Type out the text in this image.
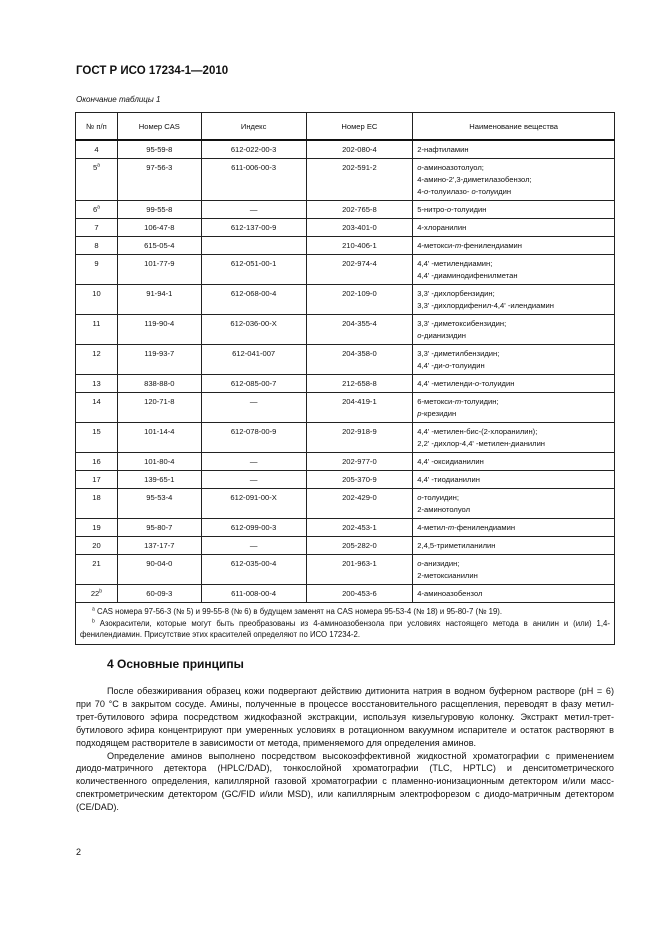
ГОСТ Р ИСО 17234-1—2010
Окончание таблицы 1
№ п/п	Номер CAS	Индекс	Номер ЕС	Наименование вещества
4	95-59-8	612-022-00-3	202-080-4	2-нафтиламин

5$^a$	97-56-3	611-006-00-3	202-591-2	о-аминоазотолуол;
4-амино-2',3-диметилазобензол;
4-о-толуилазо- о-толуидин

6$^a$	99-55-8	—	202-765-8	5-нитро-о-толуидин

7	106-47-8	612-137-00-9	203-401-0	4-хлоранилин

8	615-05-4		210-406-1	4-метокси-m-фенилендиамин

9	101-77-9	612-051-00-1	202-974-4	4,4' -метилендиамин;
4,4' -диаминодифенилметан

10	91-94-1	612-068-00-4	202-109-0	3,3' -дихлорбензидин;
3,3' -дихлордифенил-4,4' -илендиамин

11	119-90-4	612-036-00-X	204-355-4	3,3' -диметоксибензидин;
о-дианизидин

12	119-93-7	612-041-007	204-358-0	3,3' -диметилбензидин;
4,4' -ди-о-толуидин

13	838-88-0	612-085-00-7	212-658-8	4,4' -метиленди-о-толуидин

14	120-71-8	—	204-419-1	6-метокси-m-толуидин;
p-крезидин

15	101-14-4	612-078-00-9	202-918-9	4,4' -метилен-бис-(2-хлоранилин);
2,2' -дихлор-4,4' -метилен-дианилин

16	101-80-4	—	202-977-0	4,4' -оксидианилин

17	139-65-1	—	205-370-9	4,4' -тиодианилин

18	95-53-4	612-091-00-X	202-429-0	о-толуидин;
2-аминотолуол

19	95-80-7	612-099-00-3	202-453-1	4-метил-m-фенилендиамин

20	137-17-7	—	205-282-0	2,4,5-триметиланилин

21	90-04-0	612-035-00-4	201-963-1	о-анизидин;
2-метоксианилин

22$^b$	60-09-3	611-008-00-4	200-453-6	4-аминоазобензол

$^a$ CAS номера 97-56-3 (№ 5) и 99-55-8 (№ 6) в будущем заменят на CAS номера 95-53-4 (№ 18) и 95-80-7 (№ 19).
$^b$ Азокрасители, которые могут быть преобразованы из 4-аминоазобензола при условиях настоящего метода в анилин и (или) 1,4-фенилендиамин. Присутствие этих красителей определяют по ИСО 17234-2.				
4 Основные принципы

После обезжиривания образец кожи подвергают действию дитионита натрия в водном буферном растворе (pH = 6) при 70 °C в закрытом сосуде. Амины, полученные в процессе восстановительного расщепления, переводят в фазу метил-трет-бутилового эфира посредством жидкофазной экстракции, используя кизельгуровую колонку. Экстракт метил-трет-бутилового эфира концентрируют при умеренных условиях в ротационном вакуумном испарителе и остаток растворяют в подходящем растворителе в зависимости от метода, применяемого для определения аминов.

Определение аминов выполнено посредством высокоэффективной жидкостной хроматографии с применением диодо-матричного детектора (HPLC/DAD), тонкослойной хроматографии (TLC, HPTLC) и денситометрического количественного определения, капиллярной газовой хроматографии с пламенно-ионизационным детектором и/или масс-спектрометрическим детектором (GC/FID и/или MSD), или капиллярным электрофорезом с диодо-матричным детектором (CE/DAD).

2
